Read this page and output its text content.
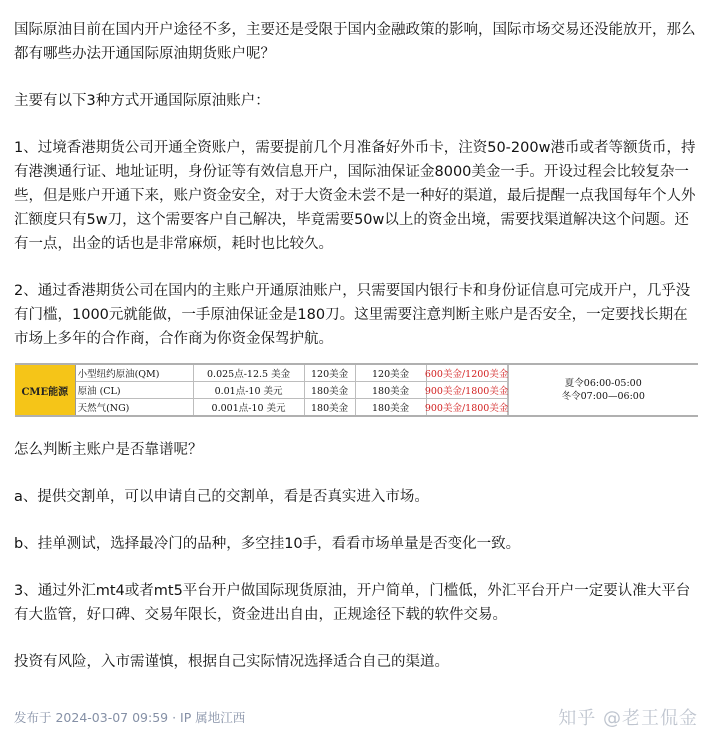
国际原油目前在国内开户途径不多，主要还是受限于国内金融政策的影响，国际市场交易还没能放开，那么都有哪些办法开通国际原油期货账户呢？

主要有以下3种方式开通国际原油账户：

1、过境香港期货公司开通全资账户，需要提前几个月准备好外币卡，注资50-200w港币或者等额货币，持有港澳通行证、地址证明，身份证等有效信息开户，国际油保证金8000美金一手。开设过程会比较复杂一些，但是账户开通下来，账户资金安全，对于大资金未尝不是一种好的渠道，最后提醒一点我国每年个人外汇额度只有5w刀，这个需要客户自己解决，毕竟需要50w以上的资金出境，需要找渠道解决这个问题。还有一点，出金的话也是非常麻烦，耗时也比较久。

2、通过香港期货公司在国内的主账户开通原油账户，只需要国内银行卡和身份证信息可完成开户，几乎没有门槛，1000元就能做，一手原油保证金是180刀。这里需要注意判断主账户是否安全，一定要找长期在市场上多年的合作商，合作商为你资金保驾护航。

CME能源
小型纽约原油(QM)	0.025点-12.5 美金	120美金	120美金	600美金/1200美金
原油 (CL)	0.01点-10 美元	180美金	180美金	900美金/1800美金
天然气(NG)	0.001点-10 美元	180美金	180美金	900美金/1800美金
夏令06:00-05:00
冬令07:00—06:00

怎么判断主账户是否靠谱呢？

a、提供交割单，可以申请自己的交割单，看是否真实进入市场。

b、挂单测试，选择最冷门的品种，多空挂10手，看看市场单量是否变化一致。

3、通过外汇mt4或者mt5平台开户做国际现货原油，开户简单，门槛低，外汇平台开户一定要认准大平台有大监管，好口碑、交易年限长，资金进出自由，正规途径下载的软件交易。

投资有风险，入市需谨慎，根据自己实际情况选择适合自己的渠道。

发布于 2024-03-07 09:59 · IP 属地江西	知乎 @老王侃金
